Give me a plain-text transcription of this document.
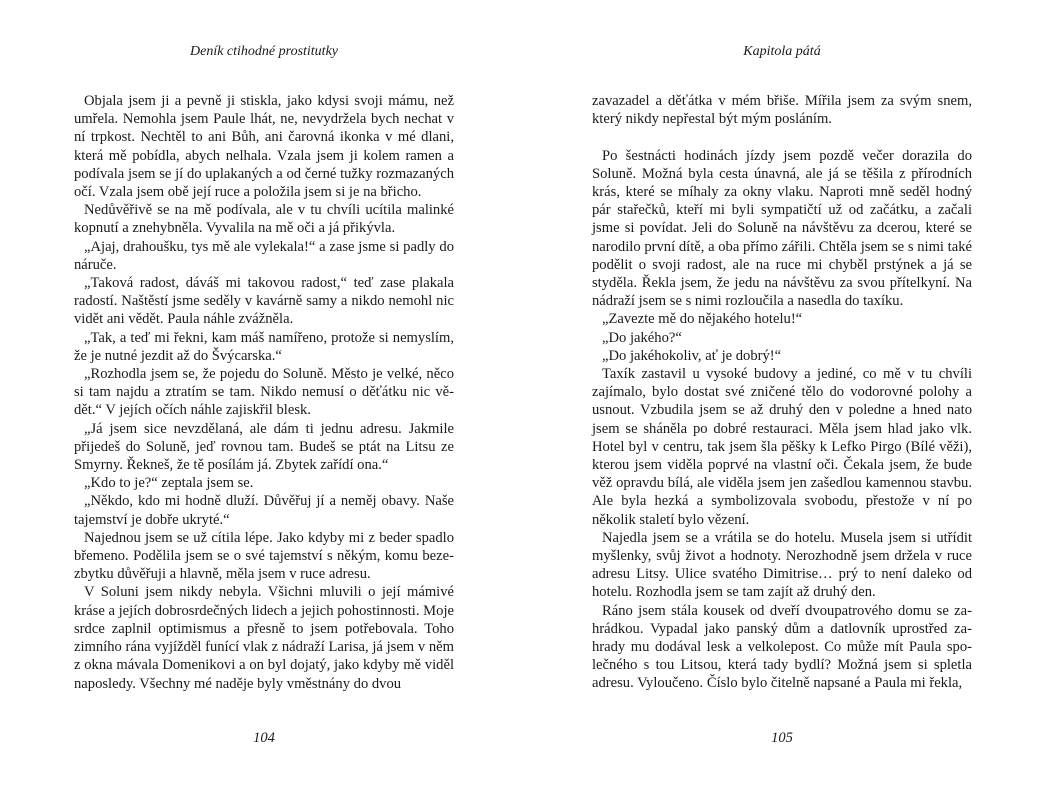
Deník ctihodné prostitutky

Objala jsem ji a pevně ji stiskla, jako kdysi svoji mámu, než umřela. Nemohla jsem Paule lhát, ne, nevydržela bych nechat v ní trpkost. Nechtěl to ani Bůh, ani čarovná ikonka v mé dlani, která mě pobídla, abych nelhala. Vzala jsem ji kolem ramen a podívala jsem se jí do uplakaných a od černé tužky rozmazaných očí. Vzala jsem obě její ruce a položila jsem si je na břicho.

Nedůvěřivě se na mě podívala, ale v tu chvíli ucítila malinké kopnutí a znehybněla. Vyvalila na mě oči a já přikývla.

„Ajaj, drahoušku, tys mě ale vylekala!“ a zase jsme si padly do náruče.

„Taková radost, dáváš mi takovou radost,“ teď zase plakala radostí. Naštěstí jsme seděly v kavárně samy a nikdo nemohl nic vidět ani vědět. Paula náhle zvážněla.

„Tak, a teď mi řekni, kam máš namířeno, protože si nemyslím, že je nutné jezdit až do Švýcarska.“

„Rozhodla jsem se, že pojedu do Soluně. Město je velké, něco si tam najdu a ztratím se tam. Nikdo nemusí o děťátku nic vědět.“ V jejích očích náhle zajiskřil blesk.

„Já jsem sice nevzdělaná, ale dám ti jednu adresu. Jakmile přijedeš do Soluně, jeď rovnou tam. Budeš se ptát na Litsu ze Smyrny. Řekneš, že tě posílám já. Zbytek zařídí ona.“

„Kdo to je?“ zeptala jsem se.

„Někdo, kdo mi hodně dluží. Důvěřuj jí a neměj obavy. Naše tajemství je dobře ukryté.“

Najednou jsem se už cítila lépe. Jako kdyby mi z beder spadlo břemeno. Podělila jsem se o své tajemství s někým, komu bezezbytku důvěřuji a hlavně, měla jsem v ruce adresu.

V Soluni jsem nikdy nebyla. Všichni mluvili o její mámivé kráse a jejích dobrosrdečných lidech a jejich pohostinnosti. Moje srdce zaplnil optimismus a přesně to jsem potřebovala. Toho zimního rána vyjížděl funící vlak z nádraží Larisa, já jsem v něm z okna mávala Domenikovi a on byl dojatý, jako kdyby mě viděl naposledy. Všechny mé naděje byly vměstnány do dvou

104
Kapitola pátá

zavazadel a děťátka v mém břiše. Mířila jsem za svým snem, který nikdy nepřestal být mým posláním.

Po šestnácti hodinách jízdy jsem pozdě večer dorazila do Soluně. Možná byla cesta únavná, ale já se těšila z přírodních krás, které se míhaly za okny vlaku. Naproti mně seděl hodný pár stařečků, kteří mi byli sympatičtí už od začátku, a začali jsme si povídat. Jeli do Soluně na návštěvu za dcerou, které se narodilo první dítě, a oba přímo zářili. Chtěla jsem se s nimi také podělit o svoji radost, ale na ruce mi chyběl prstýnek a já se styděla. Řekla jsem, že jedu na návštěvu za svou přítelkyní. Na nádraží jsem se s nimi rozloučila a nasedla do taxíku.

„Zavezte mě do nějakého hotelu!“

„Do jakého?“

„Do jakéhokoliv, ať je dobrý!“

Taxík zastavil u vysoké budovy a jediné, co mě v tu chvíli zajímalo, bylo dostat své zničené tělo do vodorovné polohy a usnout. Vzbudila jsem se až druhý den v poledne a hned nato jsem se sháněla po dobré restauraci. Měla jsem hlad jako vlk. Hotel byl v centru, tak jsem šla pěšky k Lefko Pirgo (Bílé věži), kterou jsem viděla poprvé na vlastní oči. Čekala jsem, že bude věž opravdu bílá, ale viděla jsem jen zašedlou kamennou stavbu. Ale byla hezká a symbolizovala svobodu, přestože v ní po několik staletí bylo vězení.

Najedla jsem se a vrátila se do hotelu. Musela jsem si utřídit myšlenky, svůj život a hodnoty. Nerozhodně jsem držela v ruce adresu Litsy. Ulice svatého Dimitrise… prý to není daleko od hotelu. Rozhodla jsem se tam zajít až druhý den.

Ráno jsem stála kousek od dveří dvoupatrového domu se zahrádkou. Vypadal jako panský dům a datlovník uprostřed zahrady mu dodával lesk a velkolepost. Co může mít Paula společného s tou Litsou, která tady bydlí? Možná jsem si spletla adresu. Vyloučeno. Číslo bylo čitelně napsané a Paula mi řekla,

105
